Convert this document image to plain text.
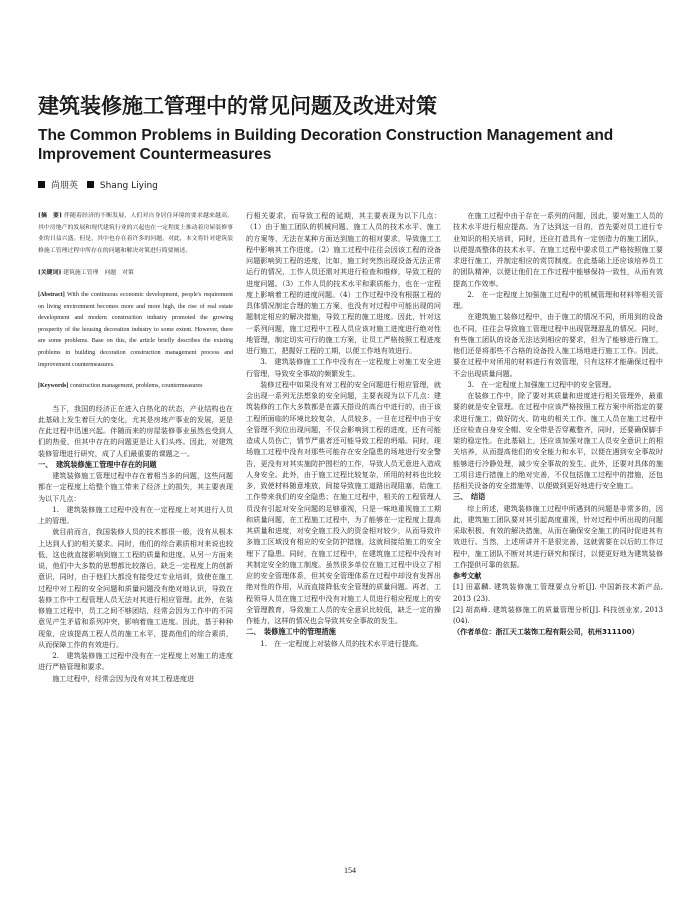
建筑装修施工管理中的常见问题及改进对策
The Common Problems in Building Decoration Construction Management and Improvement Countermeasures
尚朋英 Shang Liying
[摘　要] 伴随着经济的不断发展，人们对自身居住环境的要求越来越高，其中房地产的发展和现代建筑行业的兴起也在一定程度上推动着房屋装修事业的日益兴盛。但是，其中也存在着许多的问题，对此，本文将针对建筑装修施工管理过程中所存在的问题和解决对策进行简要阐述。
[关键词] 建筑施工管理　问题　对策
[Abstract] With the continuous economic development, people's requirement on living environment becomes more and more high, the rise of real estate development and modern construction industry promoted the growing prosperity of the housing decoration industry to some extent. However, there are some problems. Base on this, the article briefly describes the existing problems in building decoration construction management process and improvement countermeasures.
[Keywords] construction management, problems, countermeasures

当下，我国的经济正在进入白热化的状态，产业结构也在此基础上发生着巨大的变化，尤其是房地产事业的发展，更是在此过程中迅速兴起。伴随而来的房屋装修事业虽然也受到人们的热爱，但其中存在的问题更是让人们头疼。因此，对建筑装修管理进行研究，成了人们最重要的课题之一。

一、　建筑装修施工管理中存在的问题

建筑装修施工管理过程中存在着相当多的问题，这些问题都在一定程度上给整个施工带来了经济上的损失，其主要表现为以下几点：

1.　建筑装修施工过程中没有在一定程度上对其进行人员上的管理。

就目前而言，我国装修人员的技术都很一般，没有从根本上达到人们的相关要求。同时，他们的综合素质相对来说也较低，这也就直接影响到施工工程的质量和进度。从另一方面来说，他们中大多数的思想都比较落后，缺乏一定程度上的创新意识，同时，由于他们大都没有接受过专业培训，致使在施工过程中对工程的安全问题和质量问题没有绝对地认识，导致在装修工作中工程管理人员无法对其进行相应管理。此外，在装修施工过程中，员工之间不够团结，经常会因为工作中的不同意见产生矛盾和系列冲突，影响着施工进度。因此，基于种种现象，应该提高工程人员的施工水平，提高他们的综合素质，从而保障工作的有效进行。

2.　建筑装修施工过程中没有在一定程度上对施工的进度进行严格管理和要求。

施工过程中，经常会因为没有对其工程进度进

行相关要求，而导致工程的延期，其主要表现为以下几点：（1）由于施工团队的机械问题、施工人员的技术水平、施工的方案等，无法在某种方面达到施工的相对要求，导致施工工程中影响其工作进度。（2）施工过程中往往会因该工程的设备问题影响到工程的进度，比如，施工时突然出现设备无法正常运行的情况，工作人员还需对其进行检查和维修，导致工程的进度问题。（3）工作人员的技术水平和素质能力，也在一定程度上影响着工程的进度问题。（4）工作过程中没有根据工程的具体情况制定合理的施工方案，也没有对过程中可能出现的问题制定相应的解决措施，导致工程的施工进度。因此，针对这一系列问题，施工过程中工程人员应该对施工进度进行绝对性地管理，制定切实可行的施工方案，让员工严格按照工程进度进行施工，把握好工程的工期，以便工作地有效进行。

3.　建筑装修施工工作中没有在一定程度上对施工安全进行管理，导致安全事故的频繁发生。

装修过程中如果没有对工程的安全问题进行相应管理，就会出现一系列无法想象的安全问题，主要表现为以下几点：建筑装修的工作大多数都是在露天搭设的高台中进行的，由于该工程所面临的环境比较复杂，人员较多，一旦在过程中由于安全管理不到位出现问题，不仅会影响到工程的进度，还有可能造成人员伤亡，情节严重者还可能导致工程的坍塌。同时，现场施工过程中没有对那些可能存在安全隐患的场地进行安全警告，更没有对其实施防护围栏的工作，导致人员无意进入造成人身安全。此外，由于施工过程比较复杂，所用的材料也比较多，致使材料随意堆放，间接导致施工道路出现阻塞，给施工工作带来我们的安全隐患；在施工过程中，相关的工程管理人员没有引起对安全问题的足够重视，只是一味地重视施工工期和质量问题，在工程施工过程中，为了能够在一定程度上提高其质量和进度，对安全施工投入的资金相对较少，从而导致许多施工区域没有相应的安全防护措施，这就间接给施工的安全埋下了隐患。同时，在施工过程中，在建筑施工过程中没有对其制定安全的施工制度。虽然很多单位在施工过程中设立了相应的安全管理体系，但其安全管理体系在过程中却没有发挥出绝对性的作用，从而直接降低安全管理的质量问题。再者，工程领导人员在施工过程中没有对施工人员进行相应程度上的安全管理教育，导致施工人员的安全意识比较低，缺乏一定的操作能力，这样的情况也会导致其安全事故的发生。

二、　装修施工中的管理措施

1.　在一定程度上对装修人员的技术水平进行提高。

在施工过程中由于存在一系列的问题，因此，要对施工人员的技术水平进行相应提高。为了达到这一目的，首先要对员工进行专业知识的相关培训，同时，还应打造具有一定创造力的施工团队，以便提高整体的技术水平。在施工过程中要求员工严格按照施工要求进行施工，并制定相应的赏罚制度。在此基础上还应该培养员工的团队精神，以便让他们在工作过程中能够保持一致性，从而有效提高工作效率。

2.　在一定程度上加强施工过程中的机械管理和材料等相关管理。

在建筑施工装修过程中，由于施工的情况不同，所用到的设备也不同，往往会导致施工管理过程中出现管理混乱的情况。同时，有些施工团队的设备无法达到相应的要求，但为了能够进行施工，他们还是将那些不合格的设备投入施工场地进行施工工作。因此，要在过程中对所用的材料进行有效管理，只有这样才能确保过程中不会出现质量问题。

3.　在一定程度上加强施工过程中的安全管理。

在装修工作中，除了要对其质量和进度进行相关管理外，最重要的就是安全管理。在过程中应该严格按照工程方案中所指定的要求进行施工，做好防火、防电的相关工作。施工人员在施工过程中还应检查自身安全帽、安全带是否穿戴整齐，同时，还要确保脚手架的稳定性。在此基础上，还应该加强对施工人员安全意识上的相关培养，从而提高他们的安全能力和水平，以便在遇到安全事故时能够进行冷静处理，减少安全事故的发生。此外，还要对具体的施工项目进行措施上的绝对完善，不仅包括施工过程中的措施，还包括相关设备的安全措施等，以便做到更好地进行安全施工。

三、　结语

综上所述，建筑装修施工过程中所遇到的问题是非常多的，因此，建筑施工团队要对其引起高度重视，针对过程中所出现的问题采取积极、有效的解决措施，从而在确保安全施工的同时促进其有效进行。当然，上述所讲并不是很完善，这就需要在以后的工作过程中，施工团队不断对其进行研究和探讨，以便更好地为建筑装修工作提供可靠的依据。

参考文献

[1] 田嘉麟. 建筑装修施工管理要点分析[J]. 中国新技术新产品, 2013 (23).

[2] 胡高峰. 建筑装修施工的质量管理分析[J]. 科技创业家, 2013 (04).

（作者单位：浙江天工装饰工程有限公司，杭州311100）

154
